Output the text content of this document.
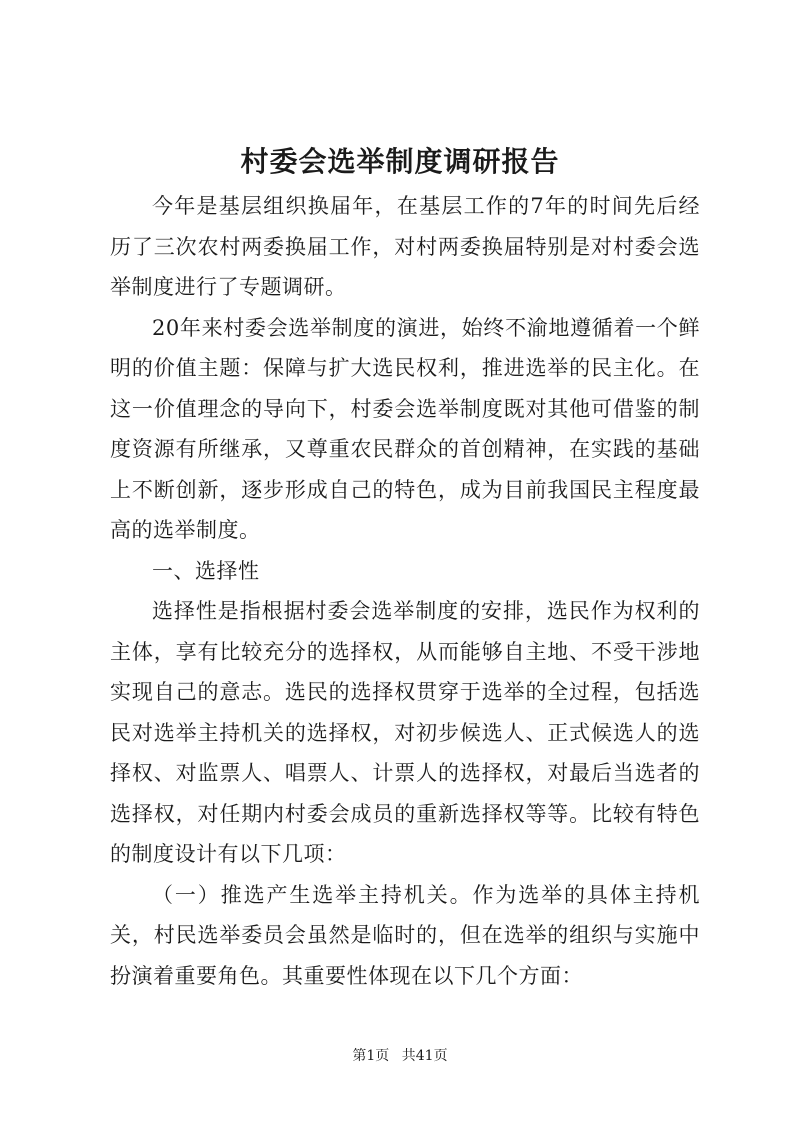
村委会选举制度调研报告

今年是基层组织换届年，在基层工作的7年的时间先后经历了三次农村两委换届工作，对村两委换届特别是对村委会选举制度进行了专题调研。

20年来村委会选举制度的演进，始终不渝地遵循着一个鲜明的价值主题：保障与扩大选民权利，推进选举的民主化。在这一价值理念的导向下，村委会选举制度既对其他可借鉴的制度资源有所继承，又尊重农民群众的首创精神，在实践的基础上不断创新，逐步形成自己的特色，成为目前我国民主程度最高的选举制度。

一、选择性

选择性是指根据村委会选举制度的安排，选民作为权利的主体，享有比较充分的选择权，从而能够自主地、不受干涉地实现自己的意志。选民的选择权贯穿于选举的全过程，包括选民对选举主持机关的选择权，对初步候选人、正式候选人的选择权、对监票人、唱票人、计票人的选择权，对最后当选者的选择权，对任期内村委会成员的重新选择权等等。比较有特色的制度设计有以下几项：

（一）推选产生选举主持机关。作为选举的具体主持机关，村民选举委员会虽然是临时的，但在选举的组织与实施中扮演着重要角色。其重要性体现在以下几个方面：

第1页 共41页
